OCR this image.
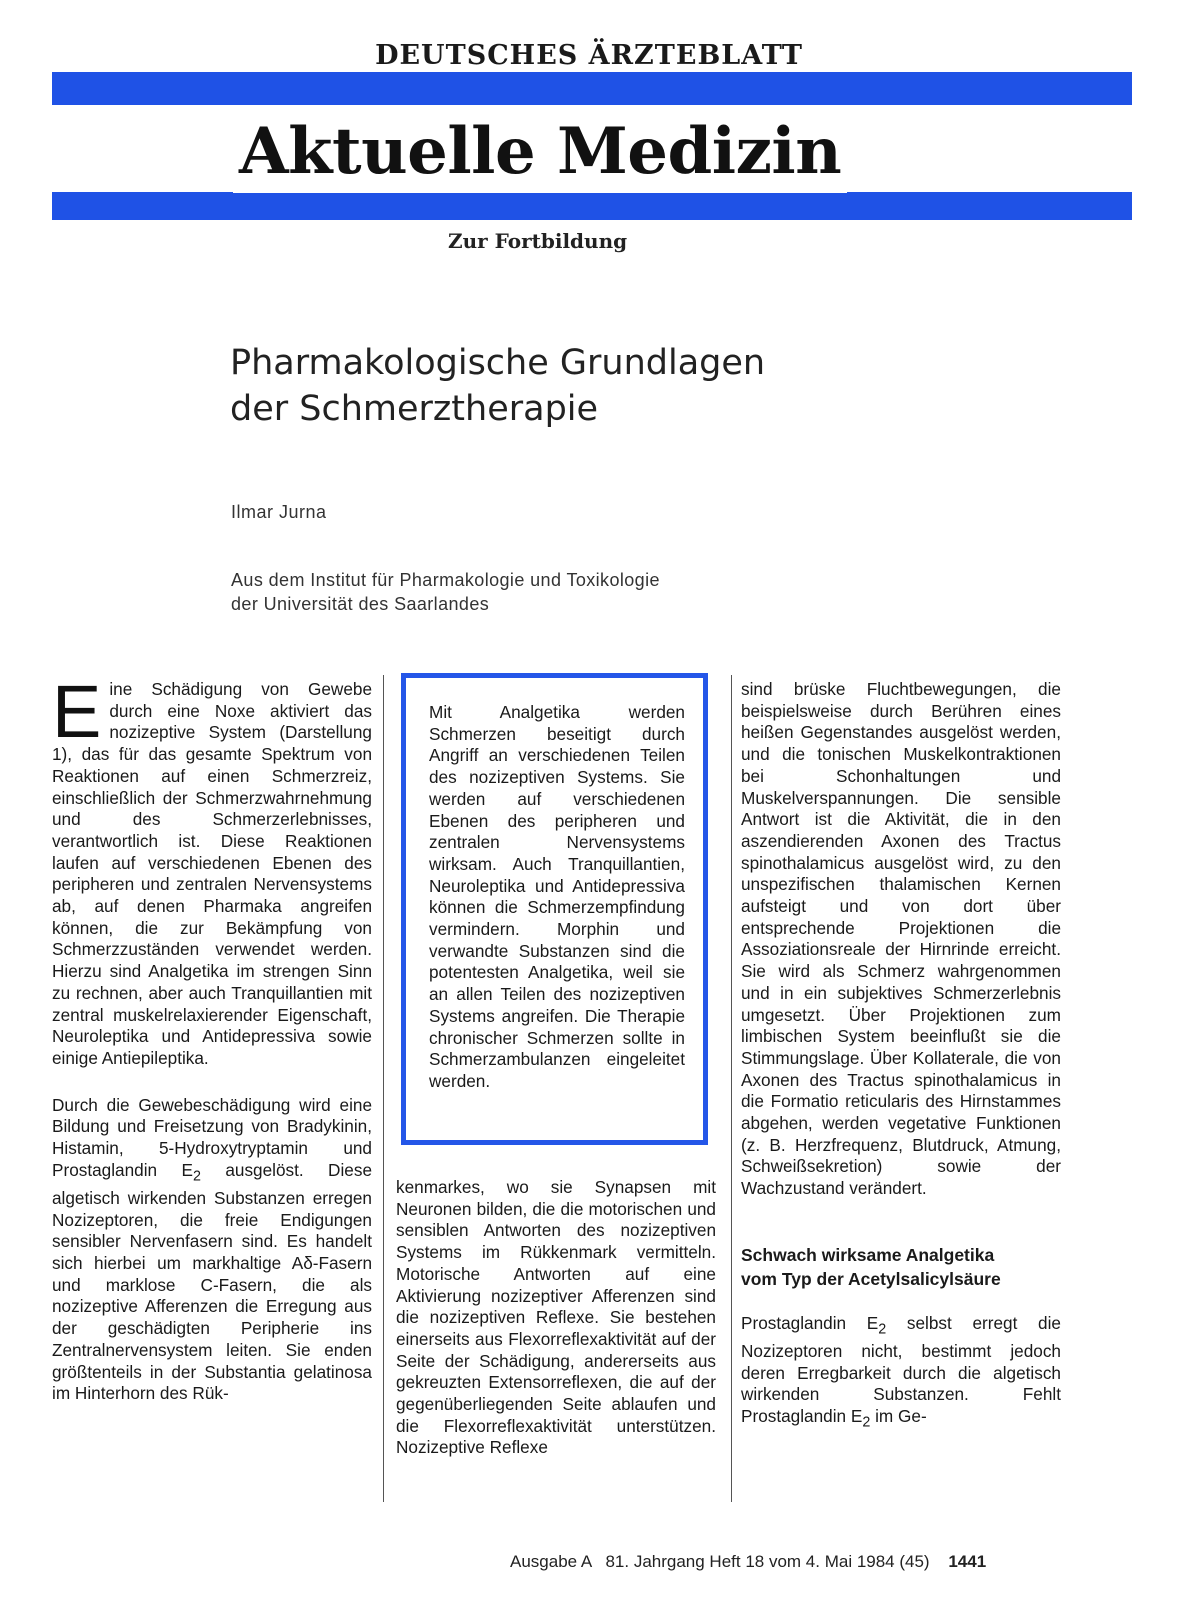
DEUTSCHES ÄRZTEBLATT
Aktuelle Medizin
Zur Fortbildung
Pharmakologische Grundlagen
der Schmerztherapie
Ilmar Jurna
Aus dem Institut für Pharmakologie und Toxikologie
der Universität des Saarlandes

E ine Schädigung von Gewebe durch eine Noxe aktiviert das nozizeptive System (Darstellung 1), das für das gesamte Spektrum von Reaktionen auf einen Schmerzreiz, einschließlich der Schmerzwahrnehmung und des Schmerzerlebnisses, verantwortlich ist. Diese Reaktionen laufen auf verschiedenen Ebenen des peripheren und zentralen Nervensystems ab, auf denen Pharmaka angreifen können, die zur Bekämpfung von Schmerzzuständen verwendet werden. Hierzu sind Analgetika im strengen Sinn zu rechnen, aber auch Tranquillantien mit zentral muskelrelaxierender Eigenschaft, Neuroleptika und Antidepressiva sowie einige Antiepileptika.

Durch die Gewebeschädigung wird eine Bildung und Freisetzung von Bradykinin, Histamin, 5-Hydroxytryptamin und Prostaglandin $E_2$ ausgelöst. Diese algetisch wirkenden Substanzen erregen Nozizeptoren, die freie Endigungen sensibler Nervenfasern sind. Es handelt sich hierbei um markhaltige Aδ-Fasern und marklose C-Fasern, die als nozizeptive Afferenzen die Erregung aus der geschädigten Peripherie ins Zentralnervensystem leiten. Sie enden größtenteils in der Substantia gelatinosa im Hinterhorn des Rük-

Mit Analgetika werden Schmerzen beseitigt durch Angriff an verschiedenen Teilen des nozizeptiven Systems. Sie werden auf verschiedenen Ebenen des peripheren und zentralen Nervensystems wirksam. Auch Tranquillantien, Neuroleptika und Antidepressiva können die Schmerzempfindung vermindern. Morphin und verwandte Substanzen sind die potentesten Analgetika, weil sie an allen Teilen des nozizeptiven Systems angreifen. Die Therapie chronischer Schmerzen sollte in Schmerzambulanzen eingeleitet werden.

kenmarkes, wo sie Synapsen mit Neuronen bilden, die die motorischen und sensiblen Antworten des nozizeptiven Systems im Rükkenmark vermitteln. Motorische Antworten auf eine Aktivierung nozizeptiver Afferenzen sind die nozizeptiven Reflexe. Sie bestehen einerseits aus Flexorreflexaktivität auf der Seite der Schädigung, andererseits aus gekreuzten Extensorreflexen, die auf der gegenüberliegenden Seite ablaufen und die Flexorreflexaktivität unterstützen. Nozizeptive Reflexe

sind brüske Fluchtbewegungen, die beispielsweise durch Berühren eines heißen Gegenstandes ausgelöst werden, und die tonischen Muskelkontraktionen bei Schonhaltungen und Muskelverspannungen. Die sensible Antwort ist die Aktivität, die in den aszendierenden Axonen des Tractus spinothalamicus ausgelöst wird, zu den unspezifischen thalamischen Kernen aufsteigt und von dort über entsprechende Projektionen die Assoziationsreale der Hirnrinde erreicht. Sie wird als Schmerz wahrgenommen und in ein subjektives Schmerzerlebnis umgesetzt. Über Projektionen zum limbischen System beeinflußt sie die Stimmungslage. Über Kollaterale, die von Axonen des Tractus spinothalamicus in die Formatio reticularis des Hirnstammes abgehen, werden vegetative Funktionen (z. B. Herzfrequenz, Blutdruck, Atmung, Schweißsekretion) sowie der Wachzustand verändert.

Schwach wirksame Analgetika
vom Typ der Acetylsalicylsäure

Prostaglandin $E_2$ selbst erregt die Nozizeptoren nicht, bestimmt jedoch deren Erregbarkeit durch die algetisch wirkenden Substanzen. Fehlt Prostaglandin $E_2$ im Ge-

Ausgabe A   81. Jahrgang Heft 18 vom 4. Mai 1984 (45) 1441
